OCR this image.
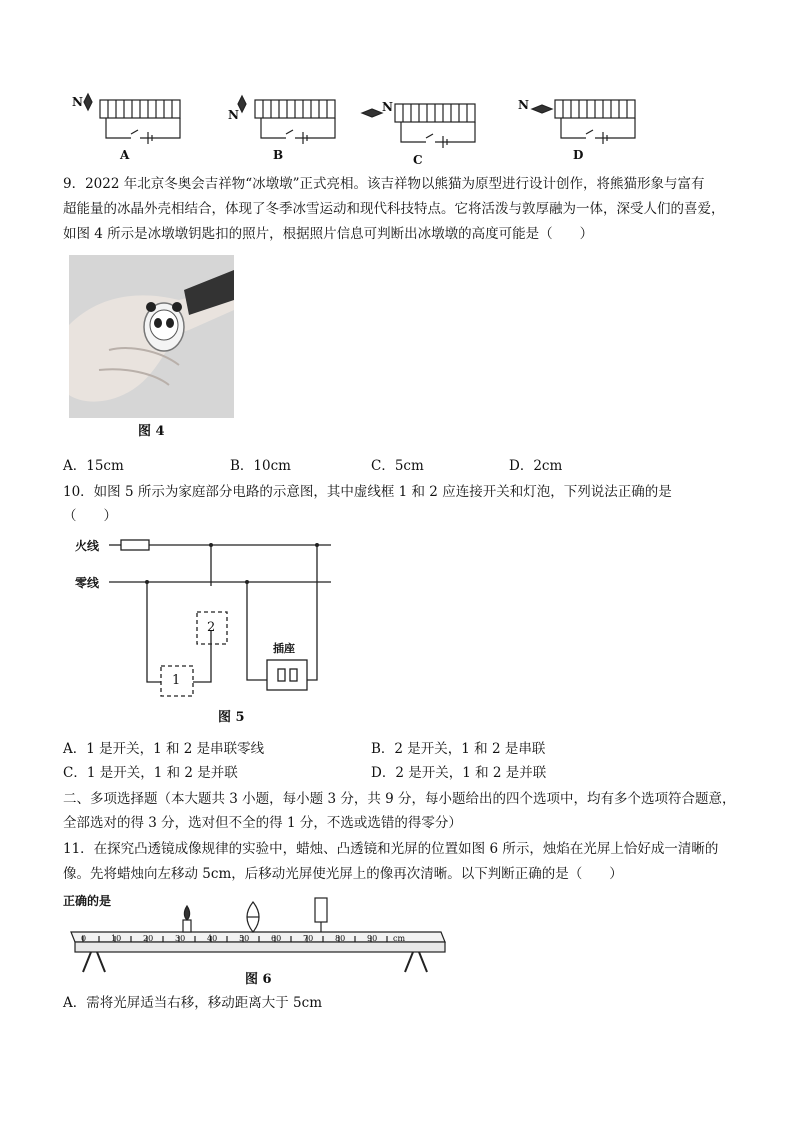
N
N
N	N
A	B	C	D
9．2022 年北京冬奥会吉祥物“冰墩墩”正式亮相。该吉祥物以熊猫为原型进行设计创作，将熊猫形象与富有
超能量的冰晶外壳相结合，体现了冬季冰雪运动和现代科技特点。它将活泼与敦厚融为一体，深受人们的喜爱，
如图 4 所示是冰墩墩钥匙扣的照片，根据照片信息可判断出冰墩墩的高度可能是（　　）
图 4
A．15cm	B．10cm	C．5cm	D．2cm
10．如图 5 所示为家庭部分电路的示意图，其中虚线框 1 和 2 应连接开关和灯泡，下列说法正确的是
（　　）
火线
零线
2
1
插座
图 5
A．1 是开关，1 和 2 是串联零线	B．2 是开关，1 和 2 是串联
C．1 是开关，1 和 2 是并联	D．2 是开关，1 和 2 是并联
二、多项选择题（本大题共 3 小题，每小题 3 分，共 9 分，每小题给出的四个选项中，均有多个选项符合题意，
全部选对的得 3 分，选对但不全的得 1 分，不选或选错的得零分）
11．在探究凸透镜成像规律的实验中，蜡烛、凸透镜和光屏的位置如图 6 所示，烛焰在光屏上恰好成一清晰的
像。先将蜡烛向左移动 5cm，后移动光屏使光屏上的像再次清晰。以下判断正确的是（　　）
正确的是
0	10	20	30	40	50	60	70	80	90 cm
图 6
A．需将光屏适当右移，移动距离大于 5cm
